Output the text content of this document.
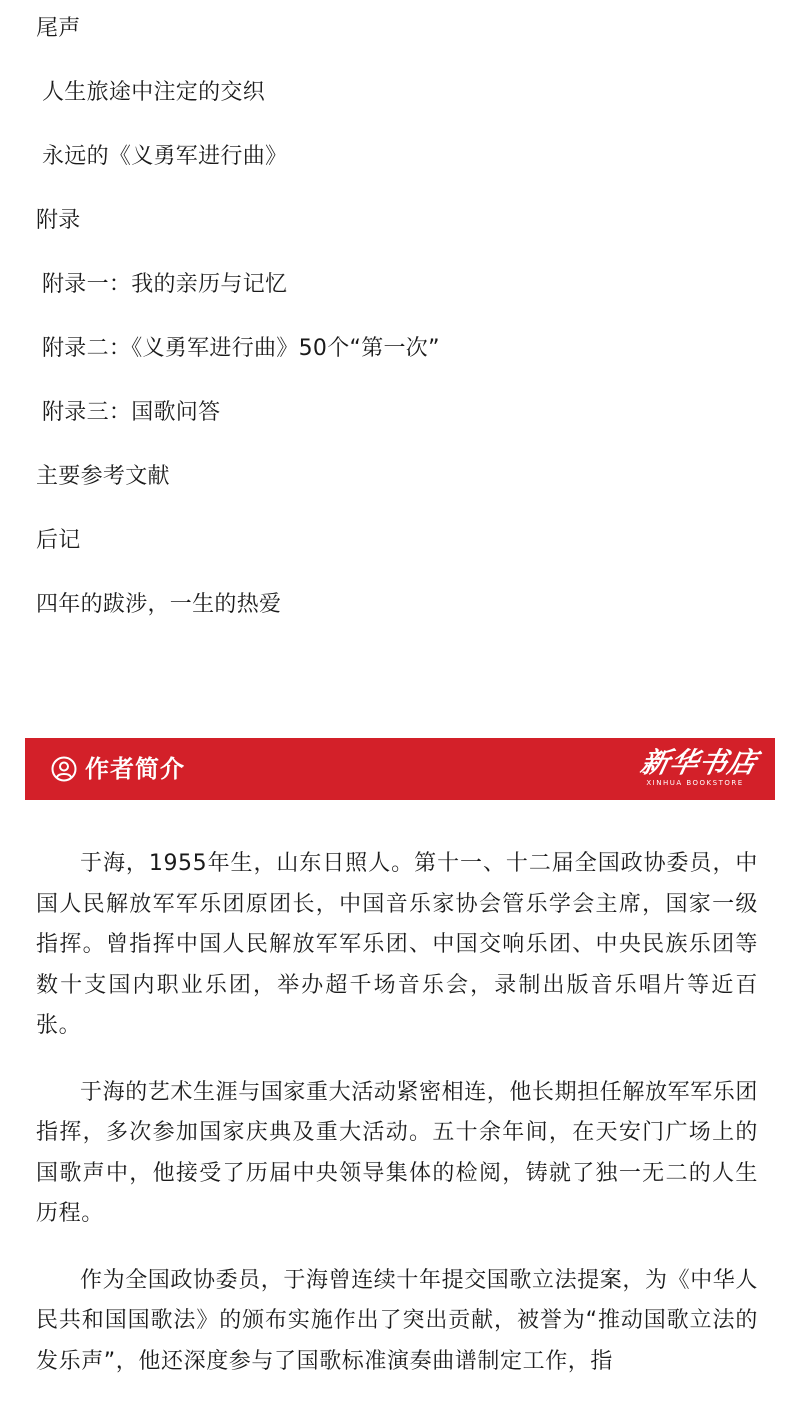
尾声
人生旅途中注定的交织
永远的《义勇军进行曲》
附录
附录一：我的亲历与记忆
附录二：《义勇军进行曲》50个“第一次”
附录三：国歌问答
主要参考文献
后记
四年的跋涉，一生的热爱
作者简介	新华书店
XINHUA BOOKSTORE

于海，1955年生，山东日照人。第十一、十二届全国政协委员，中国人民解放军军乐团原团长，中国音乐家协会管乐学会主席，国家一级指挥。曾指挥中国人民解放军军乐团、中国交响乐团、中央民族乐团等数十支国内职业乐团，举办超千场音乐会，录制出版音乐唱片等近百张。

于海的艺术生涯与国家重大活动紧密相连，他长期担任解放军军乐团指挥，多次参加国家庆典及重大活动。五十余年间，在天安门广场上的国歌声中，他接受了历届中央领导集体的检阅，铸就了独一无二的人生历程。

作为全国政协委员，于海曾连续十年提交国歌立法提案，为《中华人民共和国国歌法》的颁布实施作出了突出贡献，被誉为“推动国歌立法的发乐声”，他还深度参与了国歌标准演奏曲谱制定工作，指
